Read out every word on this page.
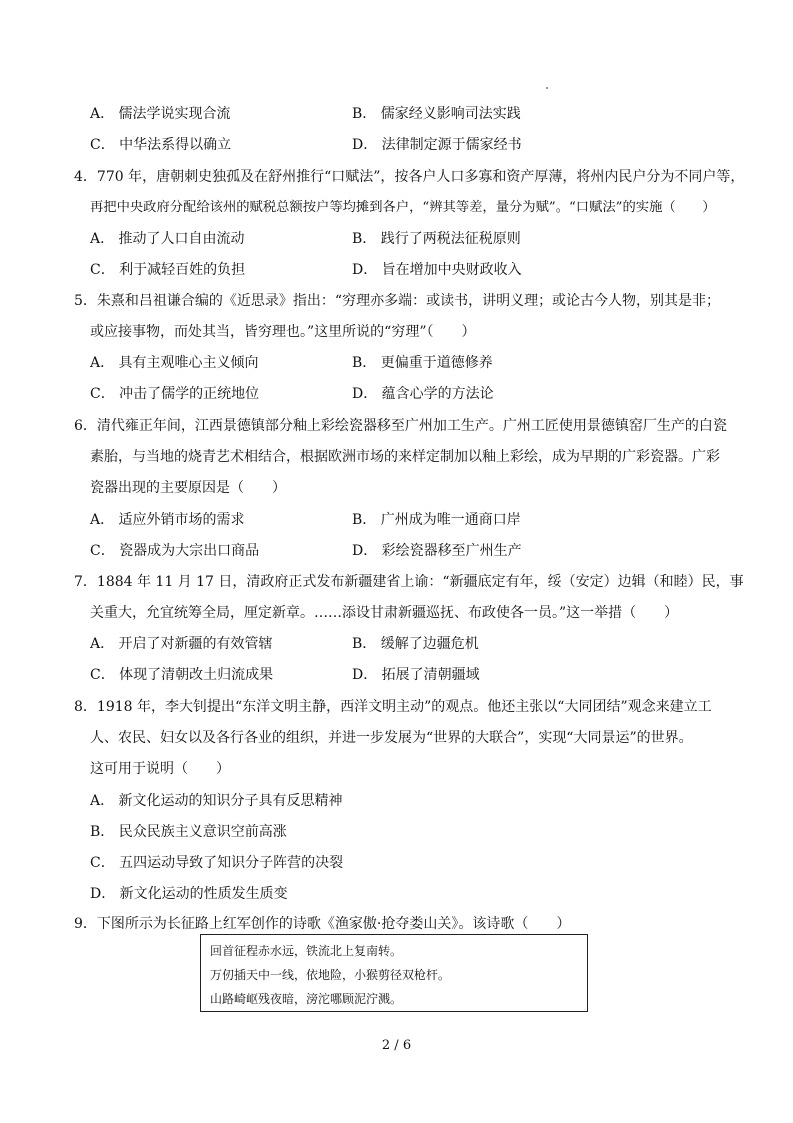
A． 儒法学说实现合流	B． 儒家经义影响司法实践
C． 中华法系得以确立	D． 法律制定源于儒家经书
4．770 年，唐朝刺史独孤及在舒州推行“口赋法”，按各户人口多寡和资产厚薄，将州内民户分为不同户等，
再把中央政府分配给该州的赋税总额按户等均摊到各户，“辨其等差，量分为赋”。“口赋法”的实施（　　）
A． 推动了人口自由流动	B． 践行了两税法征税原则
C． 利于减轻百姓的负担	D． 旨在增加中央财政收入
5．朱熹和吕祖谦合编的《近思录》指出：“穷理亦多端：或读书，讲明义理；或论古今人物，别其是非；
或应接事物，而处其当，皆穷理也。”这里所说的“穷理”（　　）
A． 具有主观唯心主义倾向	B． 更偏重于道德修养
C． 冲击了儒学的正统地位	D． 蕴含心学的方法论
6．清代雍正年间，江西景德镇部分釉上彩绘瓷器移至广州加工生产。广州工匠使用景德镇窑厂生产的白瓷
素胎，与当地的烧青艺术相结合，根据欧洲市场的来样定制加以釉上彩绘，成为早期的广彩瓷器。广彩
瓷器出现的主要原因是（　　）
A． 适应外销市场的需求	B． 广州成为唯一通商口岸
C． 瓷器成为大宗出口商品	D． 彩绘瓷器移至广州生产
7．1884 年 11 月 17 日，清政府正式发布新疆建省上谕：“新疆底定有年，绥（安定）边辑（和睦）民，事
关重大，允宜统筹全局，厘定新章。……添设甘肃新疆巡抚、布政使各一员。”这一举措（　　）
A． 开启了对新疆的有效管辖	B． 缓解了边疆危机
C． 体现了清朝改土归流成果	D． 拓展了清朝疆域
8．1918 年，李大钊提出“东洋文明主静，西洋文明主动”的观点。他还主张以“大同团结”观念来建立工
人、农民、妇女以及各行各业的组织，并进一步发展为“世界的大联合”，实现“大同景运”的世界。
这可用于说明（　　）
A． 新文化运动的知识分子具有反思精神
B． 民众民族主义意识空前高涨
C． 五四运动导致了知识分子阵营的决裂
D． 新文化运动的性质发生质变
9．下图所示为长征路上红军创作的诗歌《渔家傲·抢夺娄山关》。该诗歌（　　）
回首征程赤水远，铁流北上复南转。
万仞插天中一线，依地险，小猴剪径双枪杆。
山路崎岖残夜暗，滂沱哪顾泥泞溅。
2 / 6
